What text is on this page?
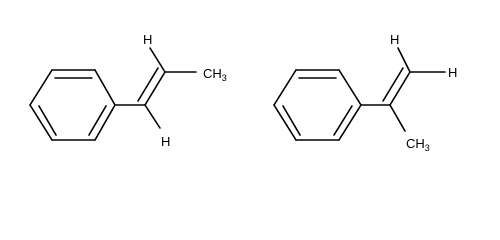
H
H
CH3
H
H
CH3
